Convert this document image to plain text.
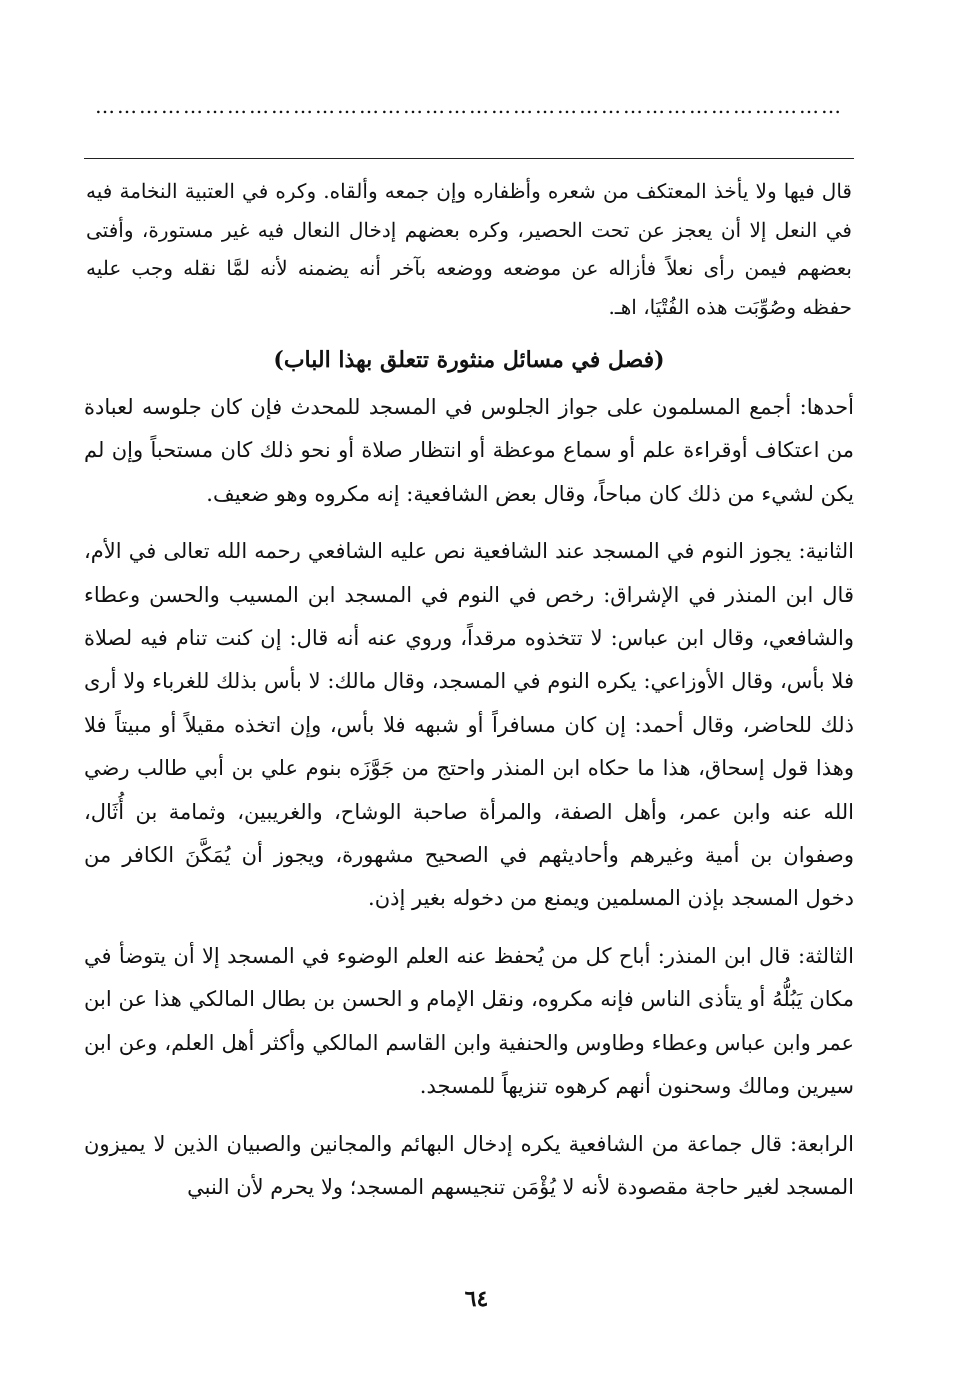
…………………………………………………………………………………………

قال فيها ولا يأخذ المعتكف من شعره وأظفاره وإن جمعه وألقاه. وكره في العتبية النخامة فيه في النعل إلا أن يعجز عن تحت الحصير، وكره بعضهم إدخال النعال فيه غير مستورة، وأفتى بعضهم فيمن رأى نعلاً فأزاله عن موضعه ووضعه بآخر أنه يضمنه لأنه لمَّا نقله وجب عليه حفظه وصُوِّبَت هذه الفُتْيَا، اهـ.

(فصل في مسائل منثورة تتعلق بهذا الباب)

أحدها: أجمع المسلمون على جواز الجلوس في المسجد للمحدث فإن كان جلوسه لعبادة من اعتكاف أوقراءة علم أو سماع موعظة أو انتظار صلاة أو نحو ذلك كان مستحباً وإن لم يكن لشيء من ذلك كان مباحاً، وقال بعض الشافعية: إنه مكروه وهو ضعيف.

الثانية: يجوز النوم في المسجد عند الشافعية نص عليه الشافعي رحمه الله تعالى في الأم، قال ابن المنذر في الإشراق: رخص في النوم في المسجد ابن المسيب والحسن وعطاء والشافعي، وقال ابن عباس: لا تتخذوه مرقداً، وروي عنه أنه قال: إن كنت تنام فيه لصلاة فلا بأس، وقال الأوزاعي: يكره النوم في المسجد، وقال مالك: لا بأس بذلك للغرباء ولا أرى ذلك للحاضر، وقال أحمد: إن كان مسافراً أو شبهه فلا بأس، وإن اتخذه مقيلاً أو مبيتاً فلا وهذا قول إسحاق، هذا ما حكاه ابن المنذر واحتج من جَوَّزَه بنوم علي بن أبي طالب رضي الله عنه وابن عمر، وأهل الصفة، والمرأة صاحبة الوشاح، والغريبين، وثمامة بن أُثَال، وصفوان بن أمية وغيرهم وأحاديثهم في الصحيح مشهورة، ويجوز أن يُمَكَّنَ الكافر من دخول المسجد بإذن المسلمين ويمنع من دخوله بغير إذن.

الثالثة: قال ابن المنذر: أباح كل من يُحفظ عنه العلم الوضوء في المسجد إلا أن يتوضأ في مكان يَبُلُّهُ أو يتأذى الناس فإنه مكروه، ونقل الإمام و الحسن بن بطال المالكي هذا عن ابن عمر وابن عباس وعطاء وطاوس والحنفية وابن القاسم المالكي وأكثر أهل العلم، وعن ابن سيرين ومالك وسحنون أنهم كرهوه تنزيهاً للمسجد.

الرابعة: قال جماعة من الشافعية يكره إدخال البهائم والمجانين والصبيان الذين لا يميزون المسجد لغير حاجة مقصودة لأنه لا يُؤْمَن تنجيسهم المسجد؛ ولا يحرم لأن النبي

٦٤
